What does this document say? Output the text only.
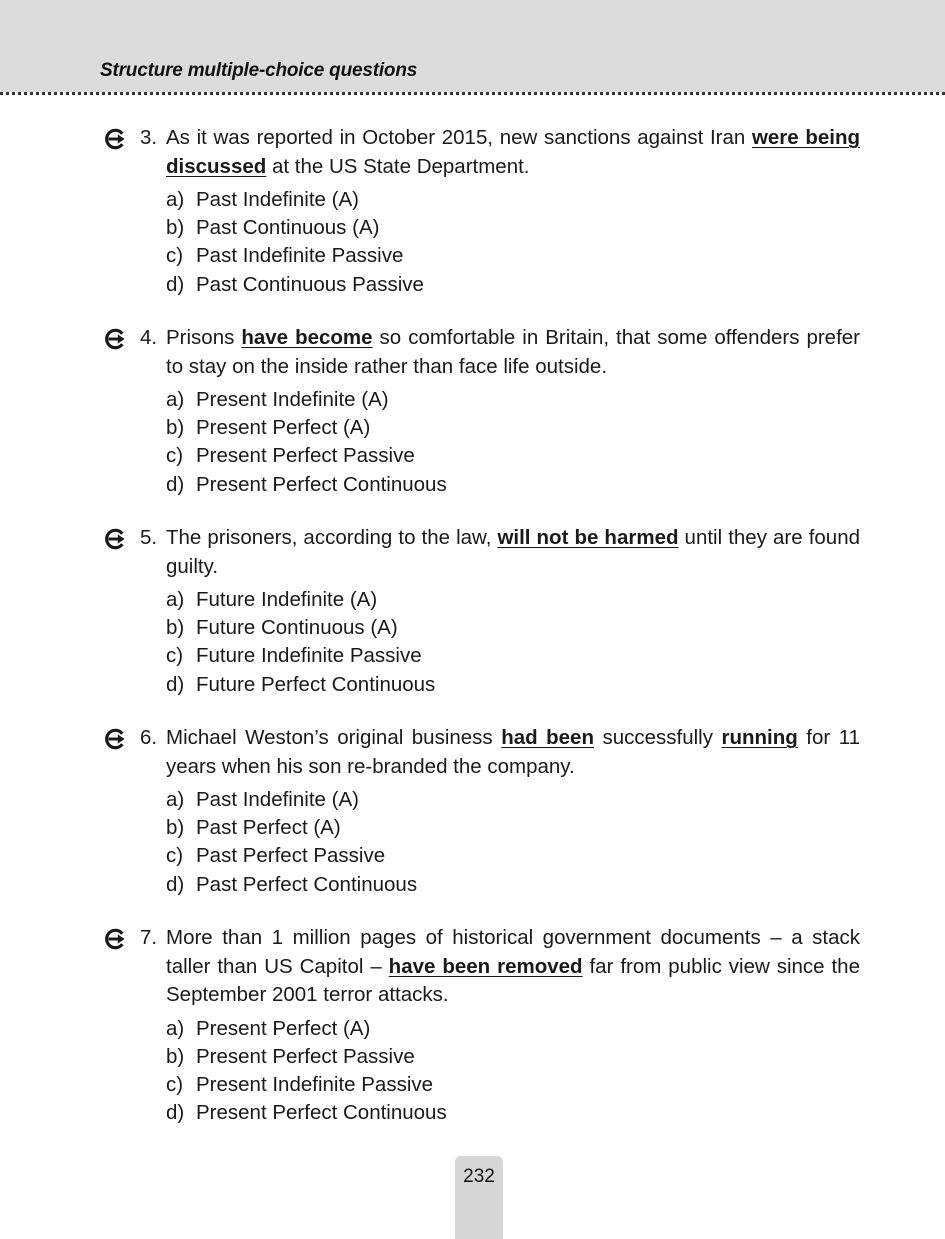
Structure multiple-choice questions
3. As it was reported in October 2015, new sanctions against Iran were being discussed at the US State Department.
a) Past Indefinite (A)
b) Past Continuous (A)
c) Past Indefinite Passive
d) Past Continuous Passive
4. Prisons have become so comfortable in Britain, that some offenders prefer to stay on the inside rather than face life outside.
a) Present Indefinite (A)
b) Present Perfect (A)
c) Present Perfect Passive
d) Present Perfect Continuous
5. The prisoners, according to the law, will not be harmed until they are found guilty.
a) Future Indefinite (A)
b) Future Continuous (A)
c) Future Indefinite Passive
d) Future Perfect Continuous
6. Michael Weston’s original business had been successfully running for 11 years when his son re-branded the company.
a) Past Indefinite (A)
b) Past Perfect (A)
c) Past Perfect Passive
d) Past Perfect Continuous
7. More than 1 million pages of historical government documents – a stack taller than US Capitol – have been removed far from public view since the September 2001 terror attacks.
a) Present Perfect (A)
b) Present Perfect Passive
c) Present Indefinite Passive
d) Present Perfect Continuous
232
